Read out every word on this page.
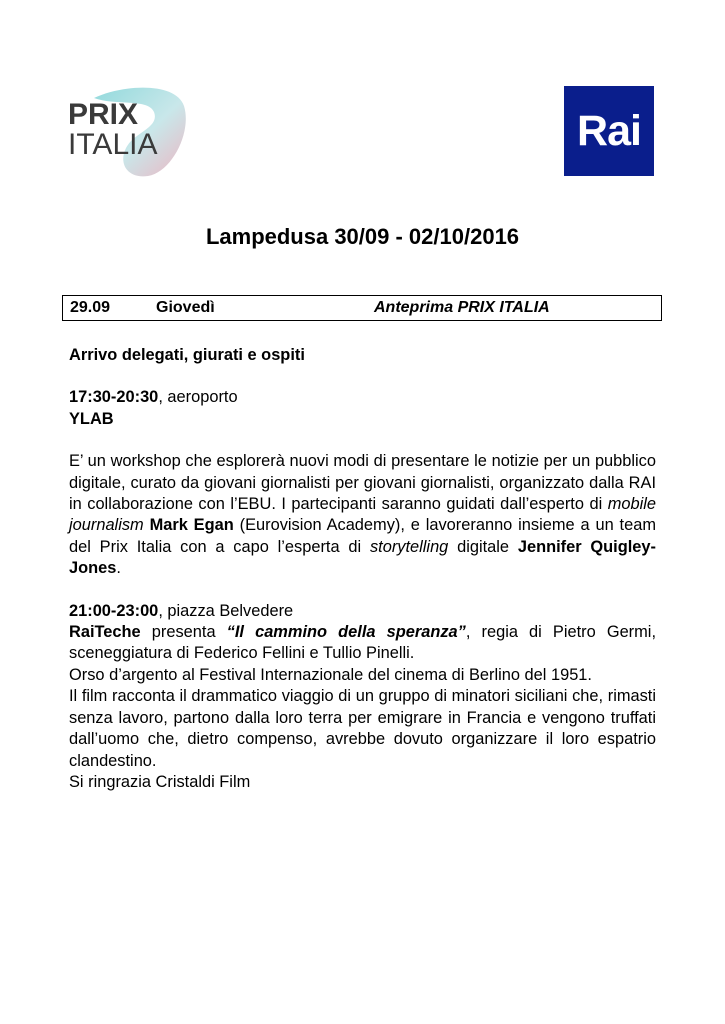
PRIX
ITALIA	Rai
Lampedusa 30/09 - 02/10/2016
29.09	Giovedì	Anteprima PRIX ITALIA

Arrivo delegati, giurati e ospiti

17:30-20:30, aeroporto

YLAB

E’ un workshop che esplorerà nuovi modi di presentare le notizie per un pubblico digitale, curato da giovani giornalisti per giovani giornalisti, organizzato dalla RAI in collaborazione con l’EBU. I partecipanti saranno guidati dall’esperto di mobile journalism Mark Egan (Eurovision Academy), e lavoreranno insieme a un team del Prix Italia con a capo l’esperta di storytelling digitale Jennifer Quigley-Jones.

21:00-23:00, piazza Belvedere

RaiTeche presenta “Il cammino della speranza”, regia di Pietro Germi, sceneggiatura di Federico Fellini e Tullio Pinelli.

Orso d’argento al Festival Internazionale del cinema di Berlino del 1951.

Il film racconta il drammatico viaggio di un gruppo di minatori siciliani che, rimasti senza lavoro, partono dalla loro terra per emigrare in Francia e vengono truffati dall’uomo che, dietro compenso, avrebbe dovuto organizzare il loro espatrio clandestino.

Si ringrazia Cristaldi Film
